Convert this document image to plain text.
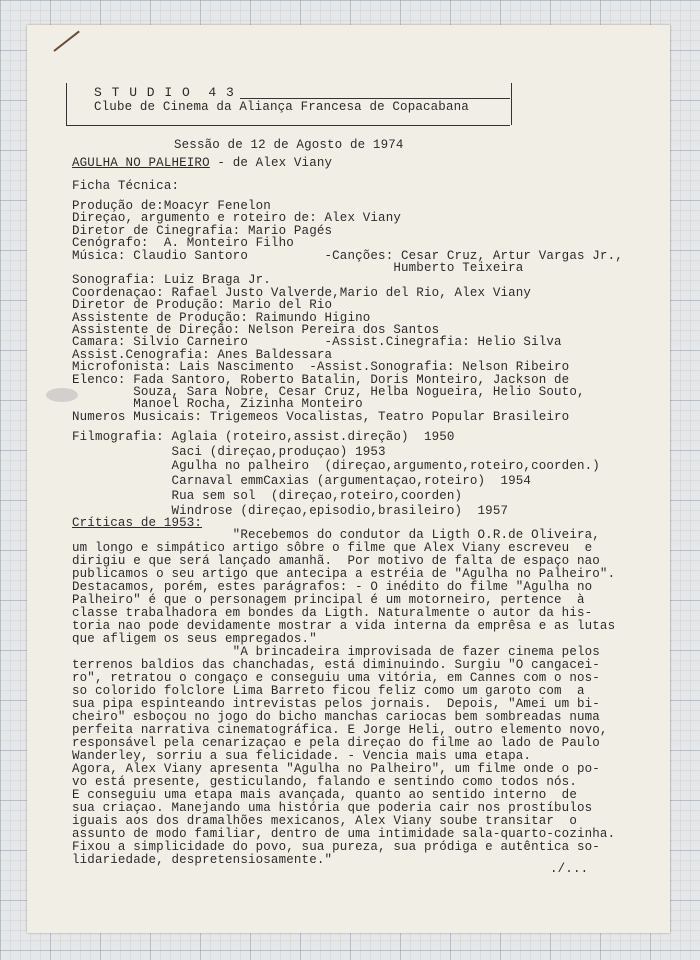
S T U D I O  4 3

Clube de Cinema da Aliança Francesa de Copacabana

Sessão de 12 de Agosto de 1974

AGULHA NO PALHEIRO - de Alex Viany

Ficha Técnica:

Produção de:Moacyr Fenelon

Direçao, argumento e roteiro de: Alex Viany

Diretor de Cinegrafia: Mario Pagés

Cenógrafo:  A. Monteiro Filho

Música: Claudio Santoro          -Canções: Cesar Cruz, Artur Vargas Jr.,

Humberto Teixeira

Sonografia: Luiz Braga Jr.

Coordenaçao: Rafael Justo Valverde,Mario del Rio, Alex Viany

Diretor de Produção: Mario del Rio

Assistente de Produção: Raimundo Higino

Assistente de Direção: Nelson Pereira dos Santos

Camara: Silvio Carneiro          -Assist.Cinegrafia: Helio Silva

Assist.Cenografia: Anes Baldessara

Microfonista: Lais Nascimento  -Assist.Sonografia: Nelson Ribeiro

Elenco: Fada Santoro, Roberto Batalin, Doris Monteiro, Jackson de

Souza, Sara Nobre, Cesar Cruz, Helba Nogueira, Helio Souto,

Manoel Rocha, Zizinha Monteiro

Numeros Musicais: Trigemeos Vocalistas, Teatro Popular Brasileiro

Filmografia: Aglaia (roteiro,assist.direção)  1950

Saci (direçao,produçao) 1953

Agulha no palheiro  (direçao,argumento,roteiro,coorden.)

Carnaval emmCaxias (argumentaçao,roteiro)  1954

Rua sem sol  (direçao,roteiro,coorden)

Windrose (direçao,episodio,brasileiro)  1957

Críticas de 1953:

"Recebemos do condutor da Ligth O.R.de Oliveira,

um longo e simpático artigo sôbre o filme que Alex Viany escreveu  e

dirigiu e que será lançado amanhã.  Por motivo de falta de espaço nao

publicamos o seu artigo que antecipa a estréia de "Agulha no Palheiro".

Destacamos, porém, estes parágrafos: - O inédito do filme "Agulha no

Palheiro" é que o personagem principal é um motorneiro, pertence  à

classe trabalhadora em bondes da Ligth. Naturalmente o autor da his-

toria nao pode devidamente mostrar a vida interna da emprêsa e as lutas

que afligem os seus empregados."

"A brincadeira improvisada de fazer cinema pelos

terrenos baldios das chanchadas, está diminuindo. Surgiu "O cangacei-

ro", retratou o congaço e conseguiu uma vitória, em Cannes com o nos-

so colorido folclore Lima Barreto ficou feliz como um garoto com  a

sua pipa espinteando intrevistas pelos jornais.  Depois, "Amei um bi-

cheiro" esboçou no jogo do bicho manchas cariocas bem sombreadas numa

perfeita narrativa cinematográfica. E Jorge Heli, outro elemento novo,

responsável pela cenarizaçao e pela direçao do filme ao lado de Paulo

Wanderley, sorriu a sua felicidade. - Vencia mais uma etapa.

Agora, Alex Viany apresenta "Agulha no Palheiro", um filme onde o po-

vo está presente, gesticulando, falando e sentindo como todos nós.

E conseguiu uma etapa mais avançada, quanto ao sentido interno  de

sua criaçao. Manejando uma história que poderia cair nos prostíbulos

iguais aos dos dramalhões mexicanos, Alex Viany soube transitar  o

assunto de modo familiar, dentro de uma intimidade sala-quarto-cozinha.

Fixou a simplicidade do povo, sua pureza, sua pródiga e autêntica so-

lidariedade, despretensiosamente."

./...
